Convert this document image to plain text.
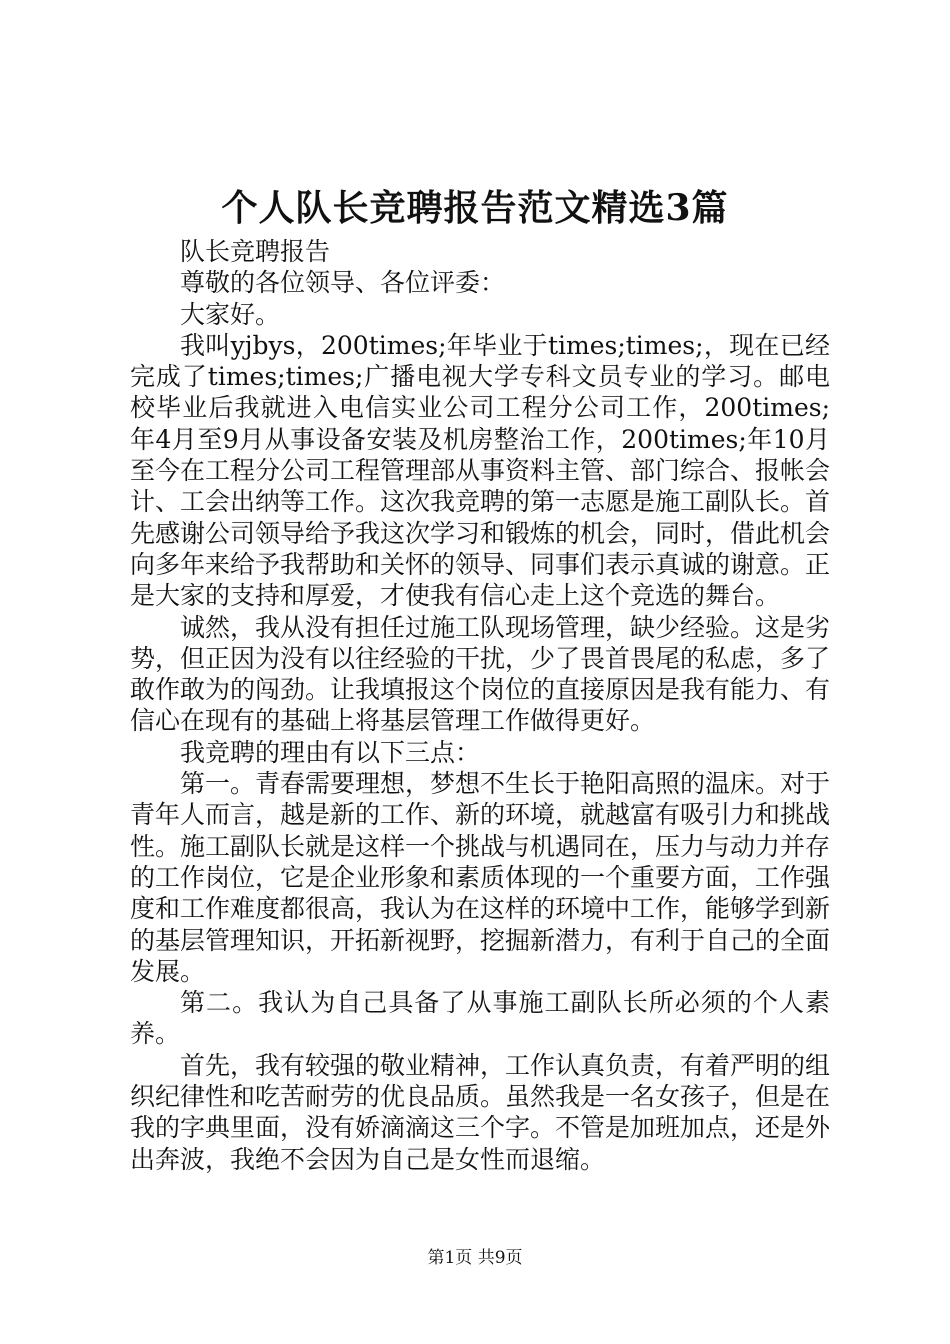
个人队长竞聘报告范文精选3篇

队长竞聘报告

尊敬的各位领导、各位评委：

大家好。

我叫yjbys，200times;年毕业于times;times;，现在已经完成了times;times;广播电视大学专科文员专业的学习。邮电校毕业后我就进入电信实业公司工程分公司工作，200times;年4月至9月从事设备安装及机房整治工作，200times;年10月至今在工程分公司工程管理部从事资料主管、部门综合、报帐会计、工会出纳等工作。这次我竞聘的第一志愿是施工副队长。首先感谢公司领导给予我这次学习和锻炼的机会，同时，借此机会向多年来给予我帮助和关怀的领导、同事们表示真诚的谢意。正是大家的支持和厚爱，才使我有信心走上这个竞选的舞台。

诚然，我从没有担任过施工队现场管理，缺少经验。这是劣势，但正因为没有以往经验的干扰，少了畏首畏尾的私虑，多了敢作敢为的闯劲。让我填报这个岗位的直接原因是我有能力、有信心在现有的基础上将基层管理工作做得更好。

我竞聘的理由有以下三点：

第一。青春需要理想，梦想不生长于艳阳高照的温床。对于青年人而言，越是新的工作、新的环境，就越富有吸引力和挑战性。施工副队长就是这样一个挑战与机遇同在，压力与动力并存的工作岗位，它是企业形象和素质体现的一个重要方面，工作强度和工作难度都很高，我认为在这样的环境中工作，能够学到新的基层管理知识，开拓新视野，挖掘新潜力，有利于自己的全面发展。

第二。我认为自己具备了从事施工副队长所必须的个人素养。

首先，我有较强的敬业精神，工作认真负责，有着严明的组织纪律性和吃苦耐劳的优良品质。虽然我是一名女孩子，但是在我的字典里面，没有娇滴滴这三个字。不管是加班加点，还是外出奔波，我绝不会因为自己是女性而退缩。

第1页 共9页
